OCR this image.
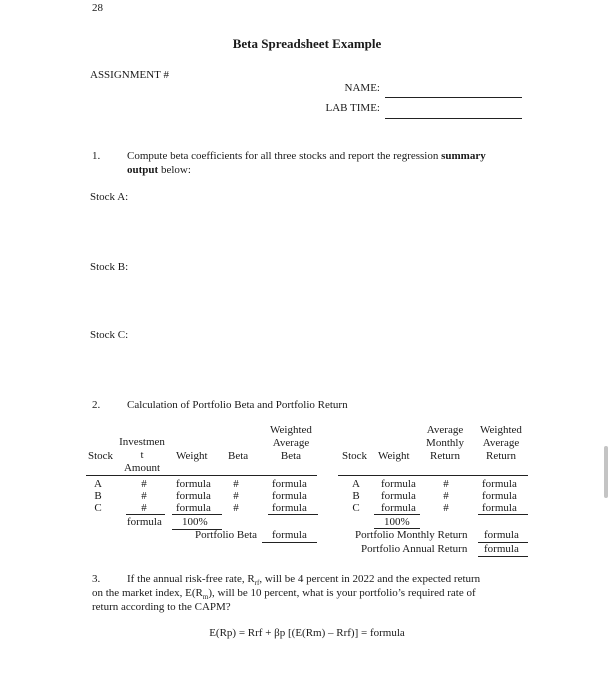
28
Beta Spreadsheet Example
ASSIGNMENT #
NAME:
LAB TIME:
1. Compute beta coefficients for all three stocks and report the regression summary
output below:
Stock A:
Stock B:
Stock C:
2. Calculation of Portfolio Beta and Portfolio Return
Weighted
Average
Beta
Investmen
t
Amount
Stock	Weight Beta
A
B
C
#
#
#
formula
formula
formula
#
#
#
formula
formula
formula
formula 100%
Portfolio Beta formula
Average
Monthly
Return
Weighted
Average
Return
Stock Weight
A
B
C
formula
formula
formula
#
#
#
formula
formula
formula
100%
Portfolio Monthly Return formula
Portfolio Annual Return formula
3. If the annual risk-free rate, $R_{rf}$, will be 4 percent in 2022 and the expected return
on the market index, $E(R_m)$, will be 10 percent, what is your portfolio’s required rate of
return according to the CAPM?
E(Rp) = Rrf + βp [(E(Rm) – Rrf)] = formula
